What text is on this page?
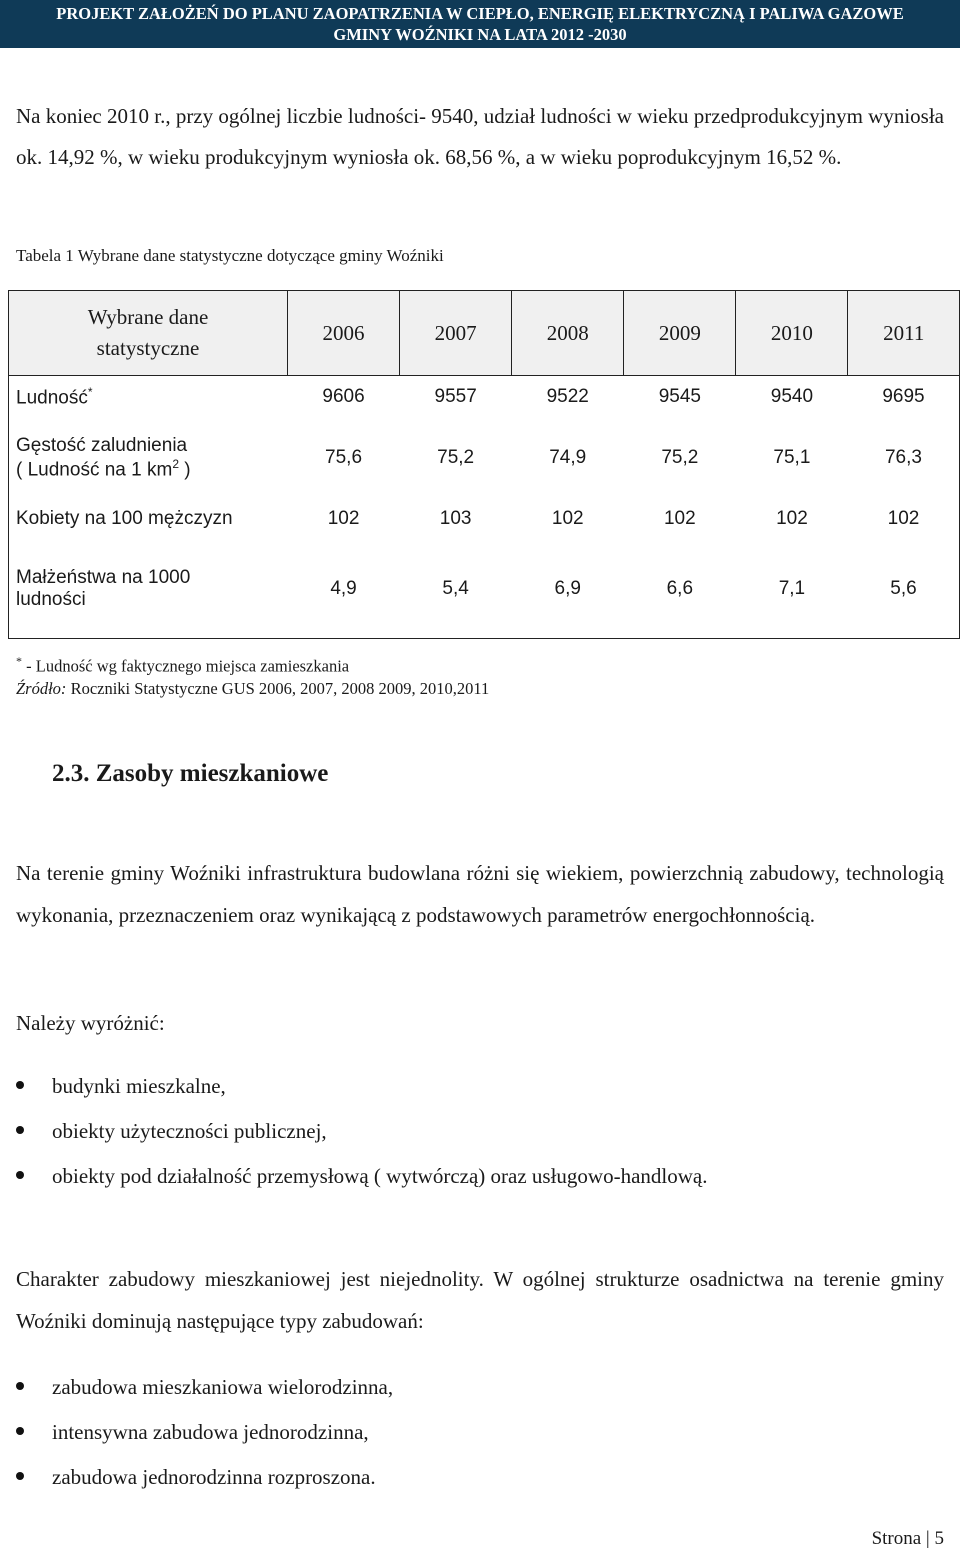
PROJEKT ZAŁOŻEŃ DO PLANU ZAOPATRZENIA W CIEPŁO, ENERGIĘ ELEKTRYCZNĄ I PALIWA GAZOWE
GMINY WOŹNIKI NA LATA 2012 -2030

Na koniec 2010 r., przy ogólnej liczbie ludności- 9540, udział ludności w wieku przedprodukcyjnym wyniosła ok. 14,92 %, w wieku produkcyjnym wyniosła ok. 68,56 %, a w wieku poprodukcyjnym 16,52 %.

Tabela 1 Wybrane dane statystyczne dotyczące gminy Woźniki

Wybrane dane
statystyczne	2006	2007	2008	2009	2010	2011
Ludność*	9606	9557	9522	9545	9540	9695

Gęstość zaludnienia
( Ludność na 1 $km^2$ )	75,6	75,2	74,9	75,2	75,1	76,3
Kobiety na 100 mężczyzn	102	103	102	102	102	102

Małżeństwa na 1000
ludności	4,9	5,4	6,9	6,6	7,1	5,6
* - Ludność wg faktycznego miejsca zamieszkania
Źródło: Roczniki Statystyczne GUS 2006, 2007, 2008 2009, 2010,2011
2.3. Zasoby mieszkaniowe

Na terenie gminy Woźniki infrastruktura budowlana różni się wiekiem, powierzchnią zabudowy, technologią wykonania, przeznaczeniem oraz wynikającą z podstawowych parametrów energochłonnością.

Należy wyróżnić:

budynki mieszkalne,
obiekty użyteczności publicznej,
obiekty pod działalność przemysłową ( wytwórczą) oraz usługowo-handlową.

Charakter zabudowy mieszkaniowej jest niejednolity. W ogólnej strukturze osadnictwa na terenie gminy Woźniki dominują następujące typy zabudowań:

zabudowa mieszkaniowa wielorodzinna,
intensywna zabudowa jednorodzinna,
zabudowa jednorodzinna rozproszona.

Strona | 5
